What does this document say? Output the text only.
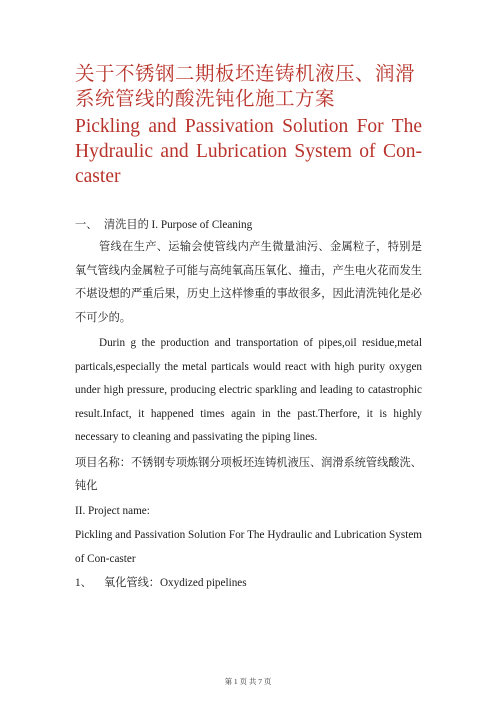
关于不锈钢二期板坯连铸机液压、润滑系统管线的酸洗钝化施工方案
Pickling and Passivation Solution For The Hydraulic and Lubrication System of Con-caster
一、 清洗目的 I. Purpose of Cleaning
管线在生产、运输会使管线内产生微量油污、金属粒子，特别是氧气管线内金属粒子可能与高纯氧高压氧化、撞击，产生电火花而发生不堪设想的严重后果，历史上这样惨重的事故很多，因此清洗钝化是必不可少的。
Durin g the production and transportation of pipes,oil residue,metal particals,especially the metal particals would react with high purity oxygen under high pressure, producing electric sparkling and leading to catastrophic result.Infact, it happened times again in the past.Therfore, it is highly necessary to cleaning and passivating the piping lines.
项目名称：不锈钢专项炼钢分项板坯连铸机液压、润滑系统管线酸洗、钝化
II. Project name:
Pickling and Passivation Solution For The Hydraulic and Lubrication System of Con-caster
1、 氧化管线：Oxydized pipelines
第 1 页 共 7 页
